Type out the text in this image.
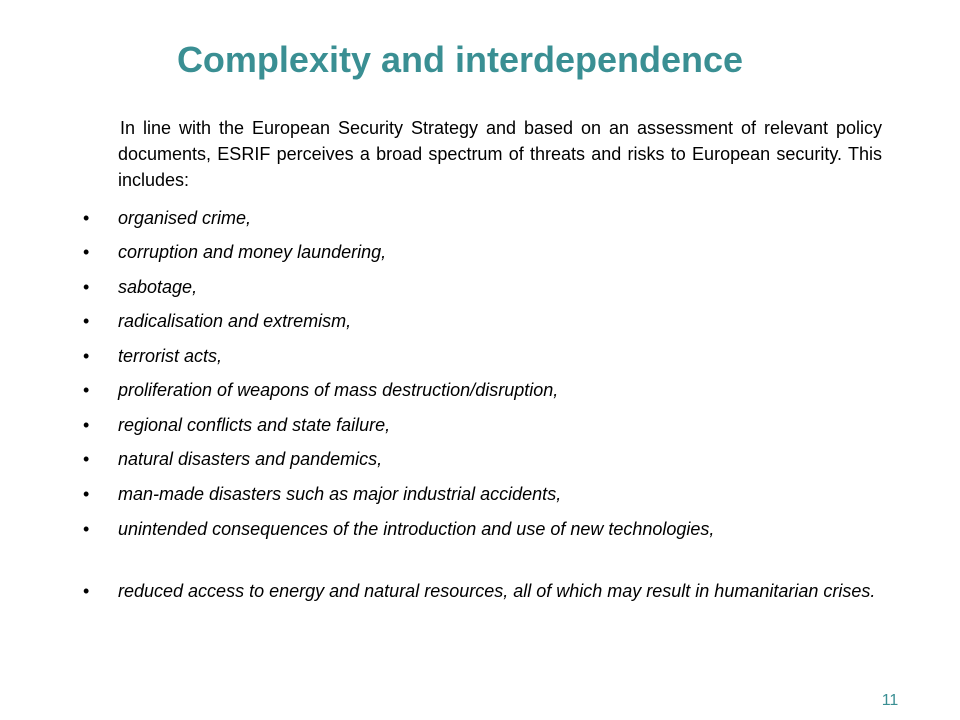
Complexity and interdependence

In line with the European Security Strategy and based on an assessment of relevant policy documents, ESRIF perceives a broad spectrum of threats and risks to European security. This includes:

• organised crime,
• corruption and money laundering,
• sabotage,
• radicalisation and extremism,
• terrorist acts,
• proliferation of weapons of mass destruction/disruption,
• regional conflicts and state failure,
• natural disasters and pandemics,
• man-made disasters such as major industrial accidents,
• unintended consequences of the introduction and use of new technologies,
• reduced access to energy and natural resources, all of which may result in humanitarian crises.
11
